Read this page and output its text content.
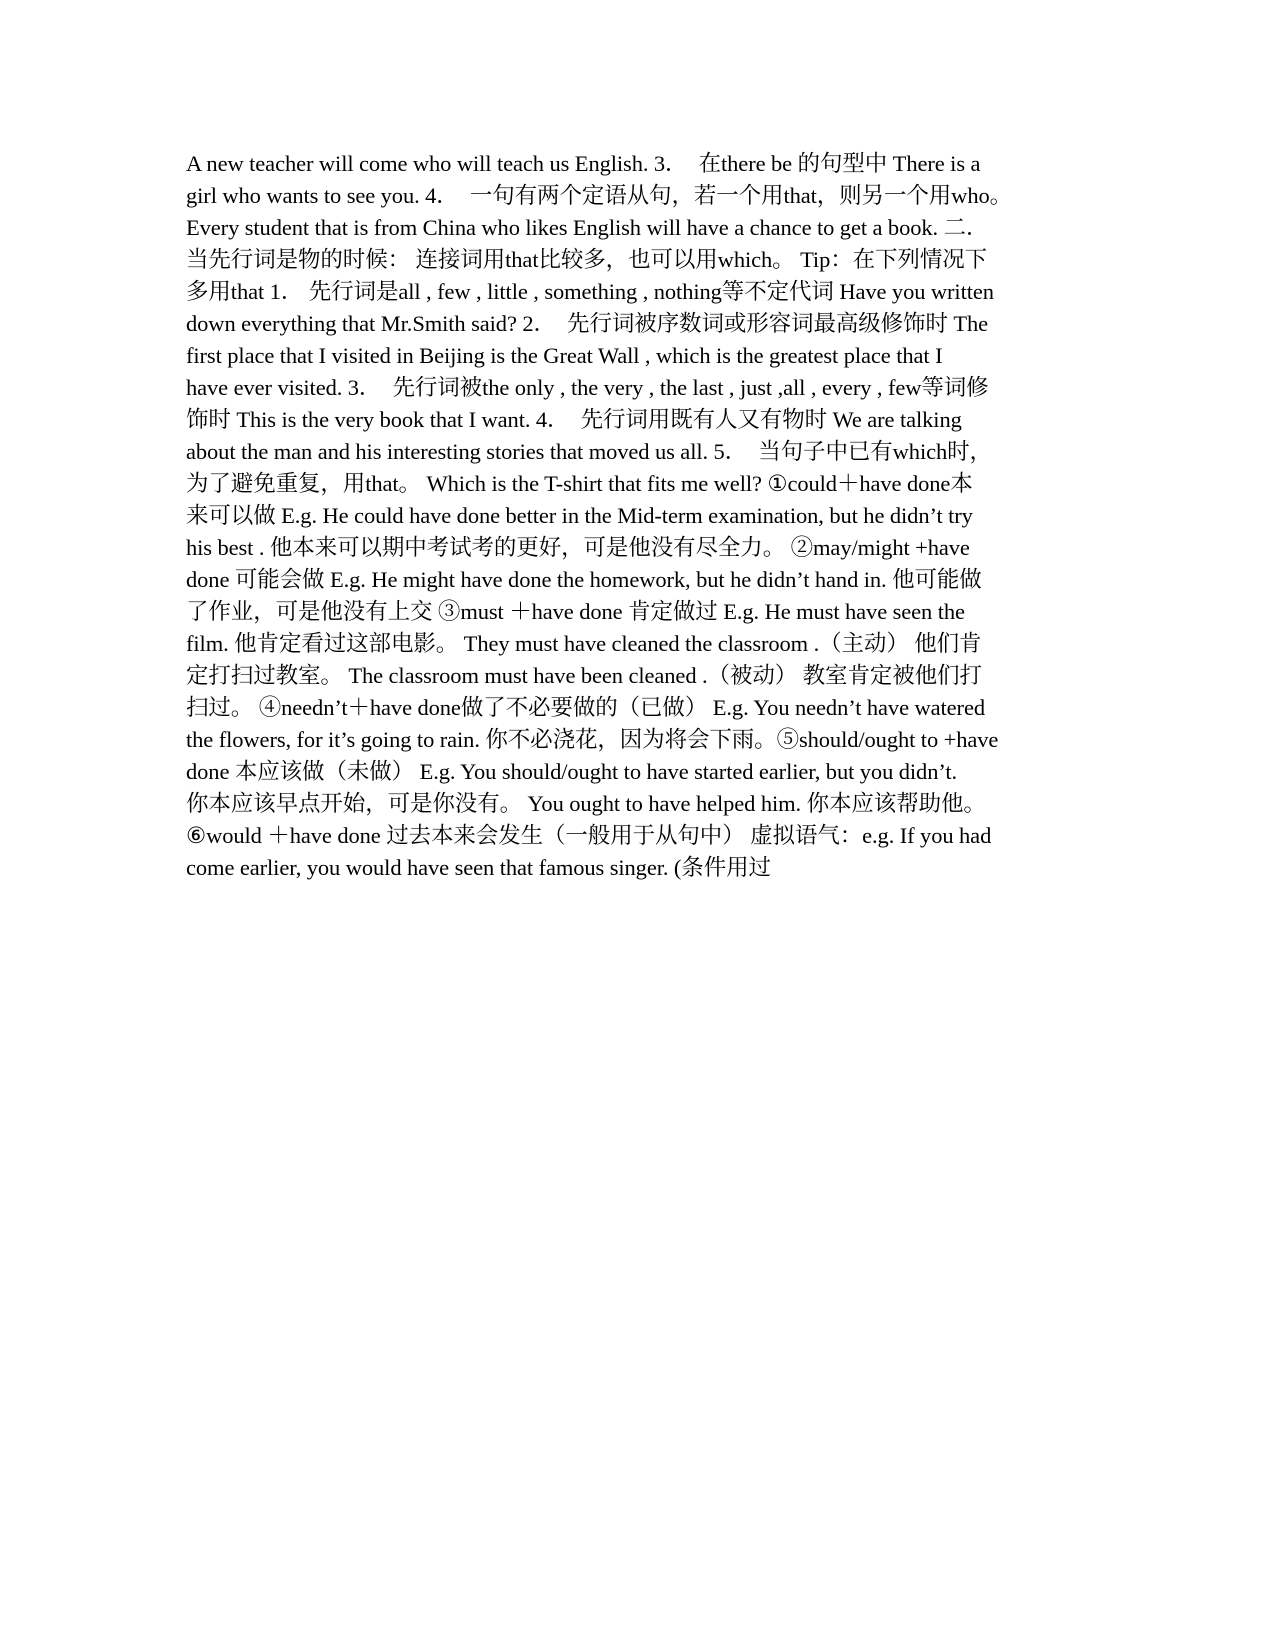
A new teacher will come who will teach us English. 3．　在there be 的句型中 There is a
girl who wants to see you. 4．　一句有两个定语从句，若一个用that，则另一个用who。
Every student that is from China who likes English will have a chance to get a book. 二．
当先行词是物的时候： 连接词用that比较多，也可以用which。 Tip：在下列情况下
多用that 1． 先行词是all , few , little , something , nothing等不定代词 Have you written
down everything that Mr.Smith said? 2．　先行词被序数词或形容词最高级修饰时 The
first place that I visited in Beijing is the Great Wall , which is the greatest place that I
have ever visited. 3．　先行词被the only , the very , the last , just ,all , every , few等词修
饰时 This is the very book that I want. 4．　先行词用既有人又有物时 We are talking
about the man and his interesting stories that moved us all. 5．　当句子中已有which时，
为了避免重复，用that。 Which is the T-shirt that fits me well? ①could＋have done本
来可以做 E.g. He could have done better in the Mid-term examination, but he didn’t try
his best . 他本来可以期中考试考的更好，可是他没有尽全力。 ②may/might +have
done 可能会做 E.g. He might have done the homework, but he didn’t hand in. 他可能做
了作业，可是他没有上交 ③must ＋have done 肯定做过 E.g. He must have seen the
film. 他肯定看过这部电影。 They must have cleaned the classroom .（主动） 他们肯
定打扫过教室。 The classroom must have been cleaned .（被动） 教室肯定被他们打
扫过。 ④needn’t＋have done做了不必要做的（已做） E.g. You needn’t have watered
the flowers, for it’s going to rain. 你不必浇花，因为将会下雨。⑤should/ought to +have
done 本应该做（未做） E.g. You should/ought to have started earlier, but you didn’t.
你本应该早点开始，可是你没有。 You ought to have helped him. 你本应该帮助他。
⑥would ＋have done 过去本来会发生（一般用于从句中） 虚拟语气：e.g. If you had
come earlier, you would have seen that famous singer. (条件用过
